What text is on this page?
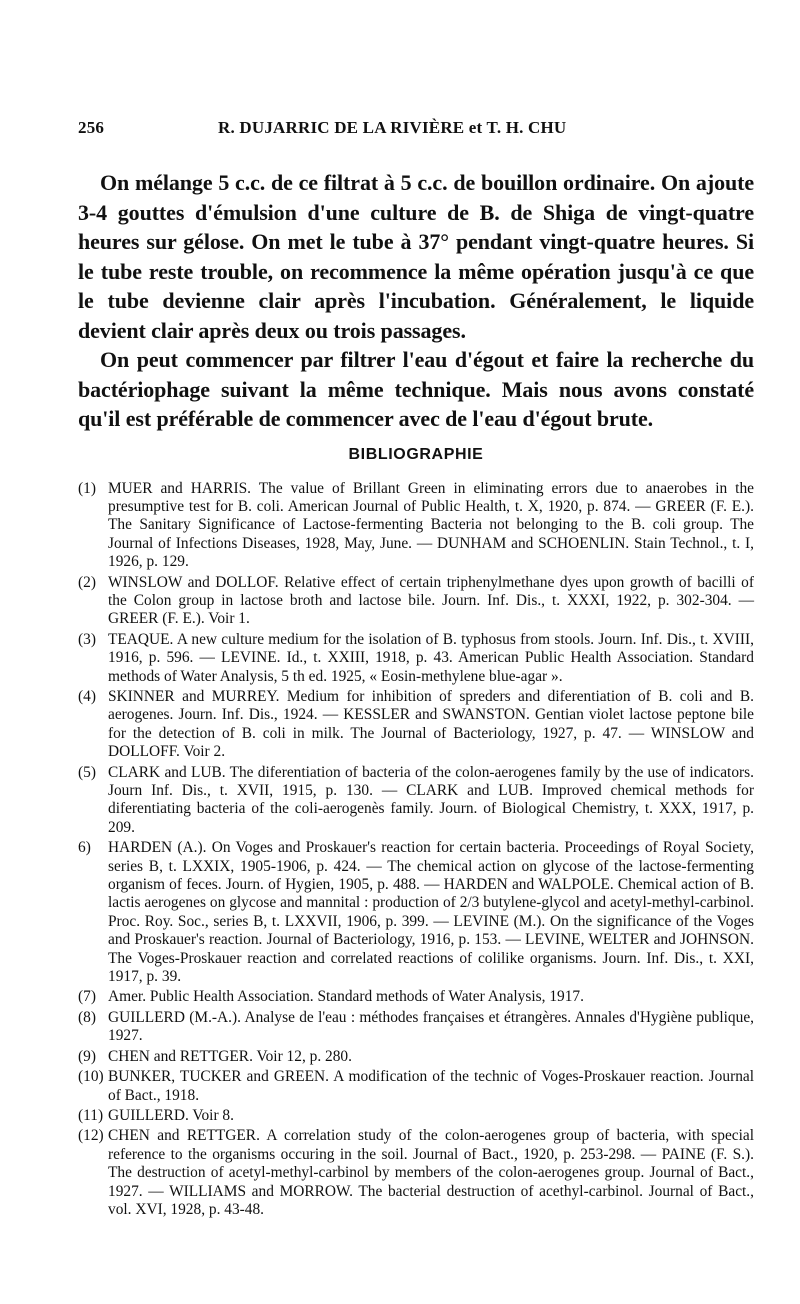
256	R. DUJARRIC DE LA RIVIÈRE et T. H. CHU

On mélange 5 c.c. de ce filtrat à 5 c.c. de bouillon ordinaire. On ajoute 3-4 gouttes d'émulsion d'une culture de B. de Shiga de vingt-quatre heures sur gélose. On met le tube à 37° pendant vingt-quatre heures. Si le tube reste trouble, on recommence la même opération jusqu'à ce que le tube devienne clair après l'incubation. Généralement, le liquide devient clair après deux ou trois passages.

On peut commencer par filtrer l'eau d'égout et faire la recherche du bactériophage suivant la même technique. Mais nous avons constaté qu'il est préférable de commencer avec de l'eau d'égout brute.

BIBLIOGRAPHIE
(1) MUER and HARRIS. The value of Brillant Green in eliminating errors due to anaerobes in the presumptive test for B. coli. American Journal of Public Health, t. X, 1920, p. 874. — GREER (F. E.). The Sanitary Significance of Lactose-fermenting Bacteria not belonging to the B. coli group. The Journal of Infections Diseases, 1928, May, June. — DUNHAM and SCHOENLIN. Stain Technol., t. I, 1926, p. 129.
(2) WINSLOW and DOLLOF. Relative effect of certain triphenylmethane dyes upon growth of bacilli of the Colon group in lactose broth and lactose bile. Journ. Inf. Dis., t. XXXI, 1922, p. 302-304. — GREER (F. E.). Voir 1.
(3) TEAQUE. A new culture medium for the isolation of B. typhosus from stools. Journ. Inf. Dis., t. XVIII, 1916, p. 596. — LEVINE. Id., t. XXIII, 1918, p. 43. American Public Health Association. Standard methods of Water Analysis, 5 th ed. 1925, « Eosin-methylene blue-agar ».
(4) SKINNER and MURREY. Medium for inhibition of spreders and diferentiation of B. coli and B. aerogenes. Journ. Inf. Dis., 1924. — KESSLER and SWANSTON. Gentian violet lactose peptone bile for the detection of B. coli in milk. The Journal of Bacteriology, 1927, p. 47. — WINSLOW and DOLLOFF. Voir 2.
(5) CLARK and LUB. The diferentiation of bacteria of the colon-aerogenes family by the use of indicators. Journ Inf. Dis., t. XVII, 1915, p. 130. — CLARK and LUB. Improved chemical methods for diferentiating bacteria of the coli-aerogenès family. Journ. of Biological Chemistry, t. XXX, 1917, p. 209.
6)	HARDEN (A.). On Voges and Proskauer's reaction for certain bacteria. Proceedings of Royal Society, series B, t. LXXIX, 1905-1906, p. 424. — The chemical action on glycose of the lactose-fermenting organism of feces. Journ. of Hygien, 1905, p. 488. — HARDEN and WALPOLE. Chemical action of B. lactis aerogenes on glycose and mannital : production of 2/3 butylene-glycol and acetyl-methyl-carbinol. Proc. Roy. Soc., series B, t. LXXVII, 1906, p. 399. — LEVINE (M.). On the significance of the Voges and Proskauer's reaction. Journal of Bacteriology, 1916, p. 153. — LEVINE, WELTER and JOHNSON. The Voges-Proskauer reaction and correlated reactions of colilike organisms. Journ. Inf. Dis., t. XXI, 1917, p. 39.
(7) Amer. Public Health Association. Standard methods of Water Analysis, 1917.
(8) GUILLERD (M.-A.). Analyse de l'eau : méthodes françaises et étrangères. Annales d'Hygiène publique, 1927.
(9) CHEN and RETTGER. Voir 12, p. 280.
(10) BUNKER, TUCKER and GREEN. A modification of the technic of Voges-Proskauer reaction. Journal of Bact., 1918.
(11) GUILLERD. Voir 8.
(12) CHEN and RETTGER. A correlation study of the colon-aerogenes group of bacteria, with special reference to the organisms occuring in the soil. Journal of Bact., 1920, p. 253-298. — PAINE (F. S.). The destruction of acetyl-methyl-carbinol by members of the colon-aerogenes group. Journal of Bact., 1927. — WILLIAMS and MORROW. The bacterial destruction of acethyl-carbinol. Journal of Bact., vol. XVI, 1928, p. 43-48.
